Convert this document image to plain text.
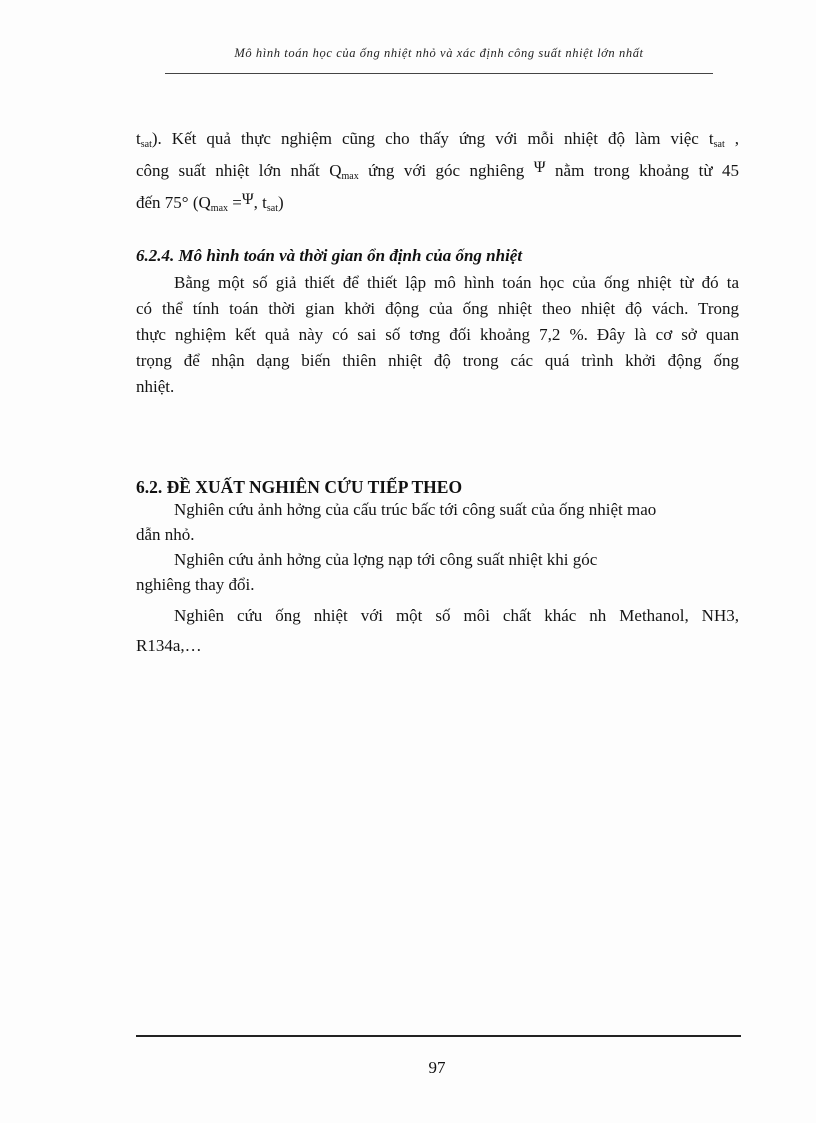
Mô hình toán học của ống nhiệt nhỏ và xác định công suất nhiệt lớn nhất
$t_{sat}$). Kết quả thực nghiệm cũng cho thấy ứng với mỗi nhiệt độ làm việc $t_{sat}$ ,
công suất nhiệt lớn nhất $Q_{max}$ ứng với góc nghiêng Ψ nằm trong khoảng từ 45
đến 75° ($Q_{max} =\Psi$, $t_{sat}$)
6.2.4. Mô hình toán và thời gian ổn định của ống nhiệt
Bằng một số giả thiết để thiết lập mô hình toán học của ống nhiệt từ đó ta
có thể tính toán thời gian khởi động của ống nhiệt theo nhiệt độ vách. Trong
thực nghiệm kết quả này có sai số tơng đối khoảng 7,2 %. Đây là cơ sở quan
trọng để nhận dạng biến thiên nhiệt độ trong các quá trình khởi động ống
nhiệt.
6.2. ĐỀ XUẤT NGHIÊN CỨU TIẾP THEO
Nghiên cứu ảnh hởng của cấu trúc bấc tới công suất của ống nhiệt mao
dẫn nhỏ.
Nghiên cứu ảnh hởng của lợng nạp tới công suất nhiệt khi góc
nghiêng thay đổi.
Nghiên cứu ống nhiệt với một số môi chất khác nh Methanol, NH3,
R134a,…
97
